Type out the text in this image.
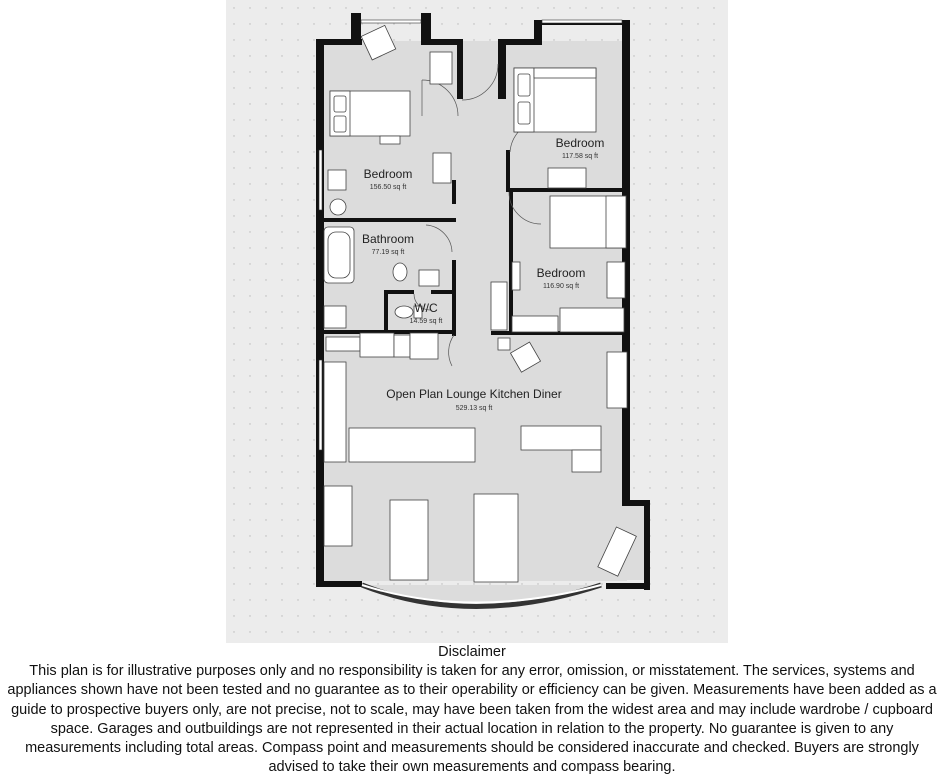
Bedroom
156.50 sq ft
Bedroom
117.58 sq ft
Bathroom
77.19 sq ft
Bedroom
116.90 sq ft
W/C
14.59 sq ft
Open Plan Lounge Kitchen Diner
529.13 sq ft
Disclaimer
This plan is for illustrative purposes only and no responsibility is taken for any error, omission, or misstatement. The services, systems and appliances shown have not been tested and no guarantee as to their operability or efficiency can be given. Measurements have been added as a guide to prospective buyers only, are not precise, not to scale, may have been taken from the widest area and may include wardrobe / cupboard space. Garages and outbuildings are not represented in their actual location in relation to the property. No guarantee is given to any measurements including total areas. Compass point and measurements should be considered inaccurate and checked. Buyers are strongly advised to take their own measurements and compass bearing.
